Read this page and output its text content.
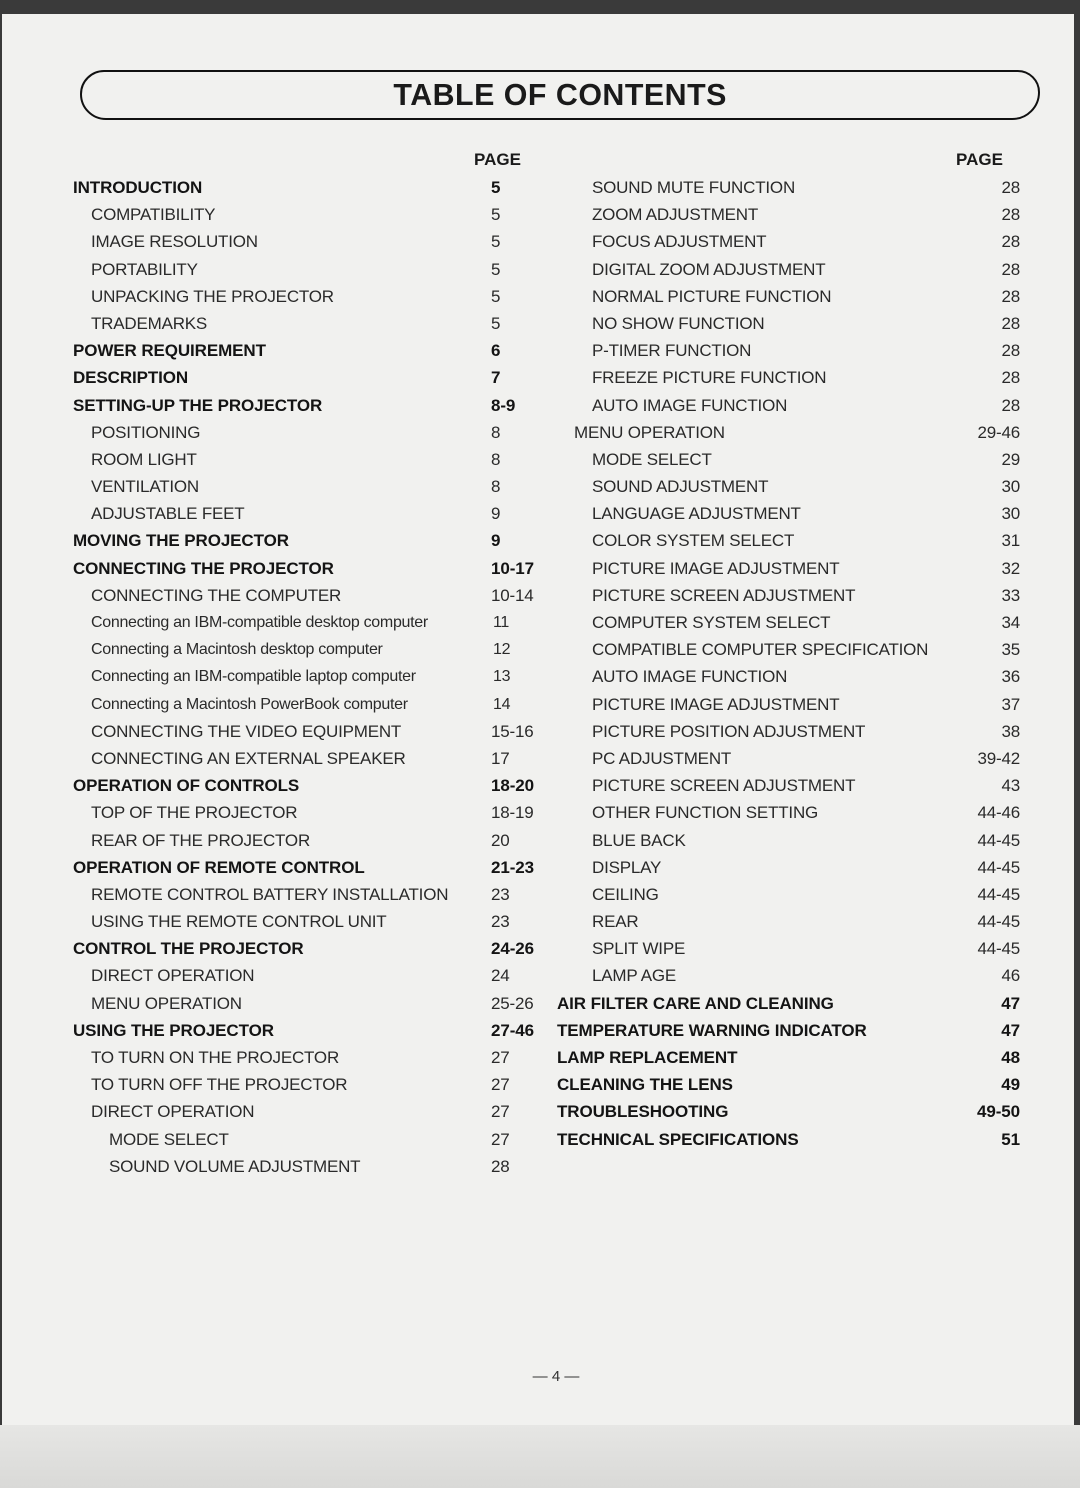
TABLE OF CONTENTS
PAGE	PAGE
INTRODUCTION	5
COMPATIBILITY	5
IMAGE RESOLUTION	5
PORTABILITY	5
UNPACKING THE PROJECTOR	5
TRADEMARKS	5
POWER REQUIREMENT	6
DESCRIPTION	7
SETTING-UP THE PROJECTOR	8-9
POSITIONING	8
ROOM LIGHT	8
VENTILATION	8
ADJUSTABLE FEET	9
MOVING THE PROJECTOR	9
CONNECTING THE PROJECTOR	10-17
CONNECTING THE COMPUTER	10-14
Connecting an IBM-compatible desktop computer	11
Connecting a Macintosh desktop computer	12
Connecting an IBM-compatible laptop computer	13
Connecting a Macintosh PowerBook computer	14
CONNECTING THE VIDEO EQUIPMENT	15-16
CONNECTING AN EXTERNAL SPEAKER	17
OPERATION OF CONTROLS	18-20
TOP OF THE PROJECTOR	18-19
REAR OF THE PROJECTOR	20
OPERATION OF REMOTE CONTROL	21-23
REMOTE CONTROL BATTERY INSTALLATION	23
USING THE REMOTE CONTROL UNIT	23
CONTROL THE PROJECTOR	24-26
DIRECT OPERATION	24
MENU OPERATION	25-26
USING THE PROJECTOR	27-46
TO TURN ON THE PROJECTOR	27
TO TURN OFF THE PROJECTOR	27
DIRECT OPERATION	27
MODE SELECT	27
SOUND VOLUME ADJUSTMENT	28
SOUND MUTE FUNCTION	28
ZOOM ADJUSTMENT	28
FOCUS ADJUSTMENT	28
DIGITAL ZOOM ADJUSTMENT	28
NORMAL PICTURE FUNCTION	28
NO SHOW FUNCTION	28
P-TIMER FUNCTION	28
FREEZE PICTURE FUNCTION	28
AUTO IMAGE FUNCTION	28
MENU OPERATION	29-46
MODE SELECT	29
SOUND ADJUSTMENT	30
LANGUAGE ADJUSTMENT	30
COLOR SYSTEM SELECT	31
PICTURE IMAGE ADJUSTMENT	32
PICTURE SCREEN ADJUSTMENT	33
COMPUTER SYSTEM SELECT	34
COMPATIBLE COMPUTER SPECIFICATION	35
AUTO IMAGE FUNCTION	36
PICTURE IMAGE ADJUSTMENT	37
PICTURE POSITION ADJUSTMENT	38
PC ADJUSTMENT	39-42
PICTURE SCREEN ADJUSTMENT	43
OTHER FUNCTION SETTING	44-46
BLUE BACK	44-45
DISPLAY	44-45
CEILING	44-45
REAR	44-45
SPLIT WIPE	44-45
LAMP AGE	46
AIR FILTER CARE AND CLEANING	47
TEMPERATURE WARNING INDICATOR	47
LAMP REPLACEMENT	48
CLEANING THE LENS	49
TROUBLESHOOTING	49-50
TECHNICAL SPECIFICATIONS	51
— 4 —
